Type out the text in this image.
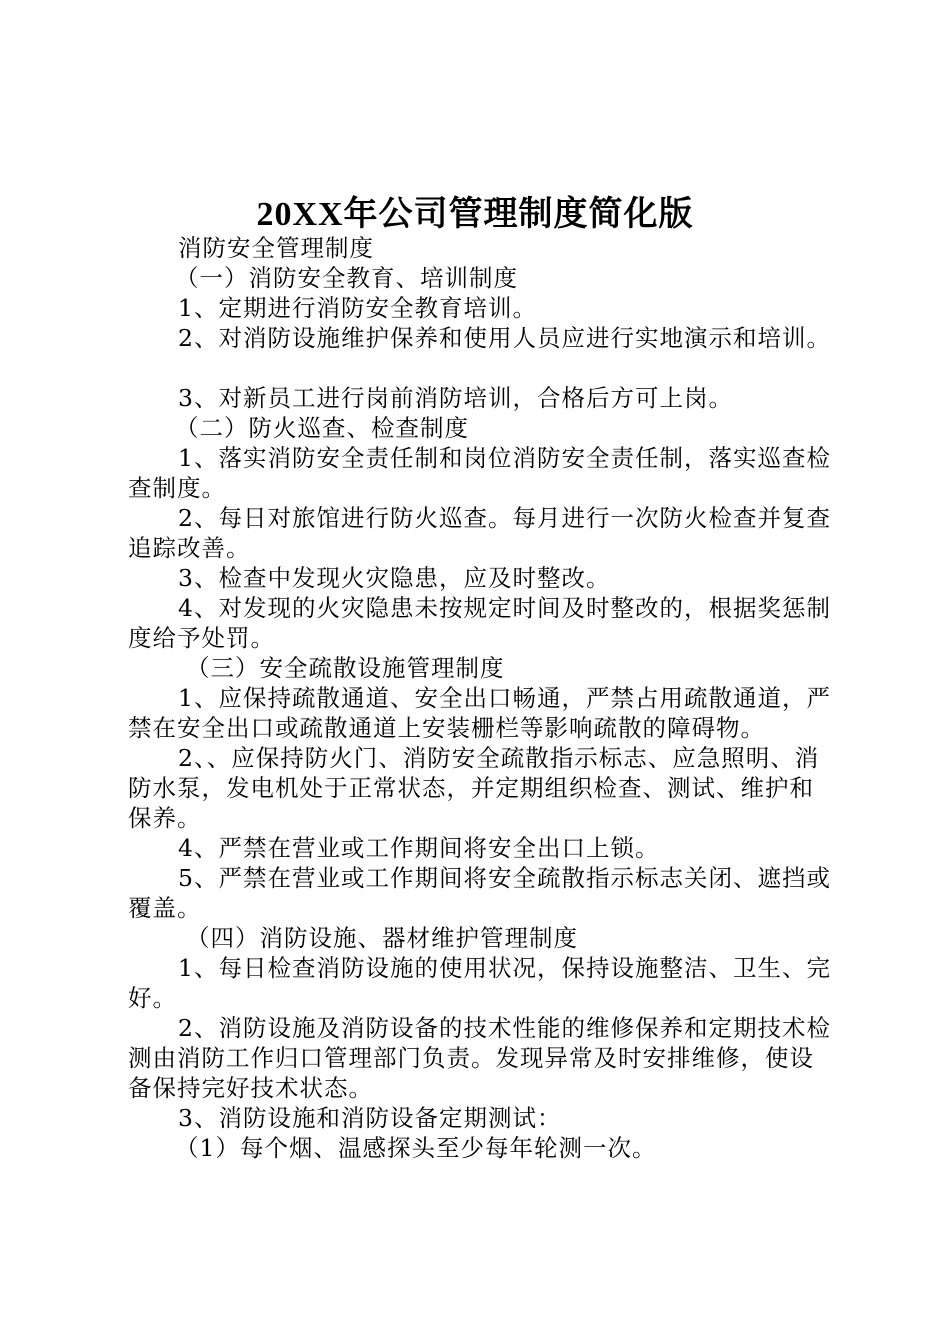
20XX年公司管理制度简化版

消防安全管理制度

（一）消防安全教育、培训制度

1、定期进行消防安全教育培训。

2、对消防设施维护保养和使用人员应进行实地演示和培训。

3、对新员工进行岗前消防培训，合格后方可上岗。

（二）防火巡查、检查制度

1、落实消防安全责任制和岗位消防安全责任制，落实巡查检查制度。

2、每日对旅馆进行防火巡查。每月进行一次防火检查并复查追踪改善。

3、检查中发现火灾隐患，应及时整改。

4、对发现的火灾隐患未按规定时间及时整改的，根据奖惩制度给予处罚。

（三）安全疏散设施管理制度

1、应保持疏散通道、安全出口畅通，严禁占用疏散通道，严禁在安全出口或疏散通道上安装栅栏等影响疏散的障碍物。

2、、应保持防火门、消防安全疏散指示标志、应急照明、消防水泵，发电机处于正常状态，并定期组织检查、测试、维护和保养。

4、严禁在营业或工作期间将安全出口上锁。

5、严禁在营业或工作期间将安全疏散指示标志关闭、遮挡或覆盖。

（四）消防设施、器材维护管理制度

1、每日检查消防设施的使用状况，保持设施整洁、卫生、完好。

2、消防设施及消防设备的技术性能的维修保养和定期技术检测由消防工作归口管理部门负责。发现异常及时安排维修，使设备保持完好技术状态。

3、消防设施和消防设备定期测试：

（1）每个烟、温感探头至少每年轮测一次。
